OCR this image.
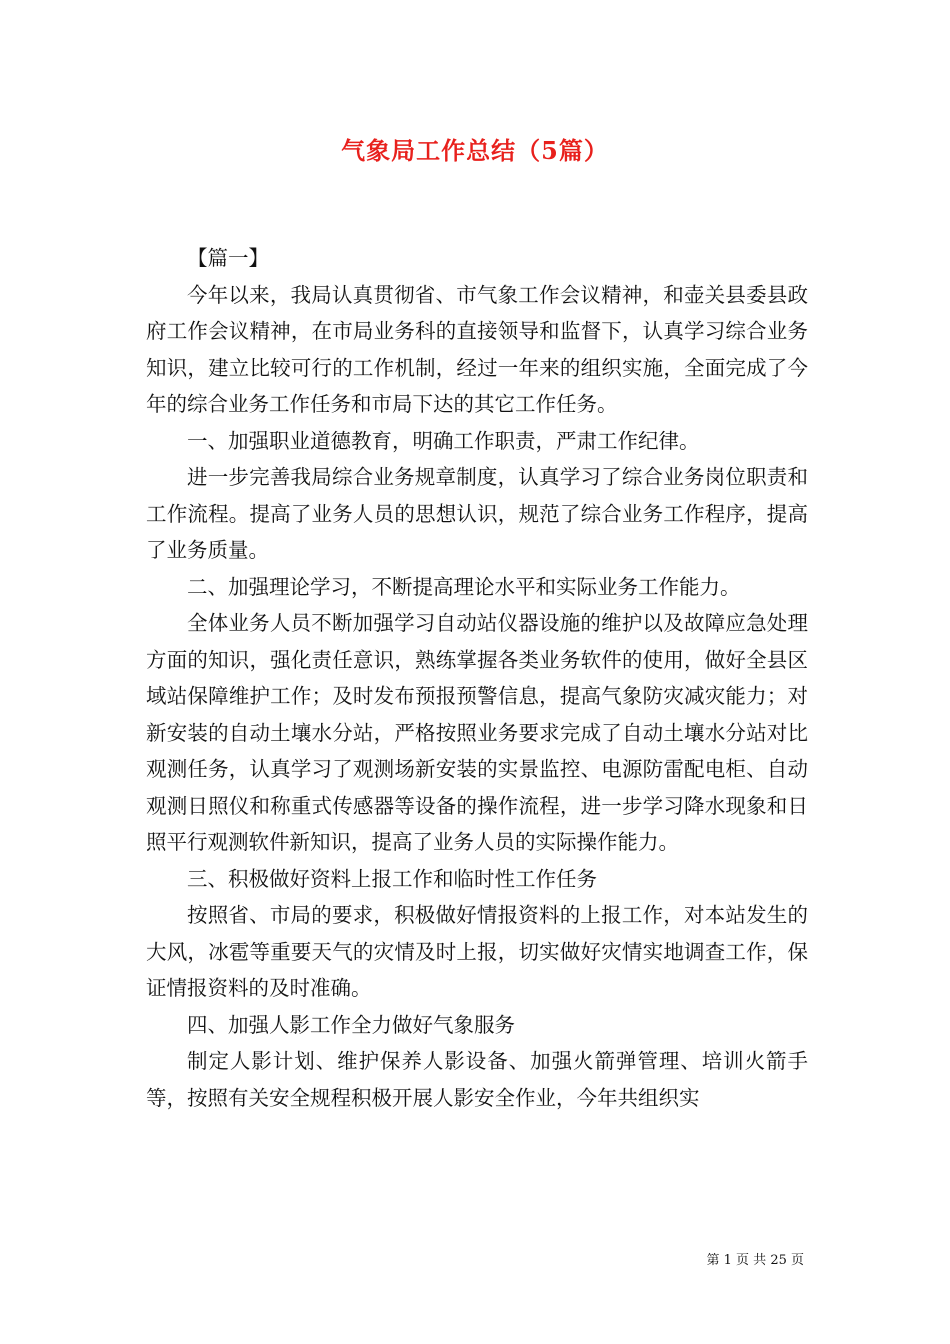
气象局工作总结（5篇）

【篇一】

今年以来，我局认真贯彻省、市气象工作会议精神，和壶关县委县政府工作会议精神，在市局业务科的直接领导和监督下，认真学习综合业务知识，建立比较可行的工作机制，经过一年来的组织实施，全面完成了今年的综合业务工作任务和市局下达的其它工作任务。

一、加强职业道德教育，明确工作职责，严肃工作纪律。

进一步完善我局综合业务规章制度，认真学习了综合业务岗位职责和工作流程。提高了业务人员的思想认识，规范了综合业务工作程序，提高了业务质量。

二、加强理论学习，不断提高理论水平和实际业务工作能力。

全体业务人员不断加强学习自动站仪器设施的维护以及故障应急处理方面的知识，强化责任意识，熟练掌握各类业务软件的使用，做好全县区域站保障维护工作；及时发布预报预警信息，提高气象防灾减灾能力；对新安装的自动土壤水分站，严格按照业务要求完成了自动土壤水分站对比观测任务，认真学习了观测场新安装的实景监控、电源防雷配电柜、自动观测日照仪和称重式传感器等设备的操作流程，进一步学习降水现象和日照平行观测软件新知识，提高了业务人员的实际操作能力。

三、积极做好资料上报工作和临时性工作任务

按照省、市局的要求，积极做好情报资料的上报工作，对本站发生的大风，冰雹等重要天气的灾情及时上报，切实做好灾情实地调查工作，保证情报资料的及时准确。

四、加强人影工作全力做好气象服务

制定人影计划、维护保养人影设备、加强火箭弹管理、培训火箭手等，按照有关安全规程积极开展人影安全作业，今年共组织实

第 1 页 共 25 页
